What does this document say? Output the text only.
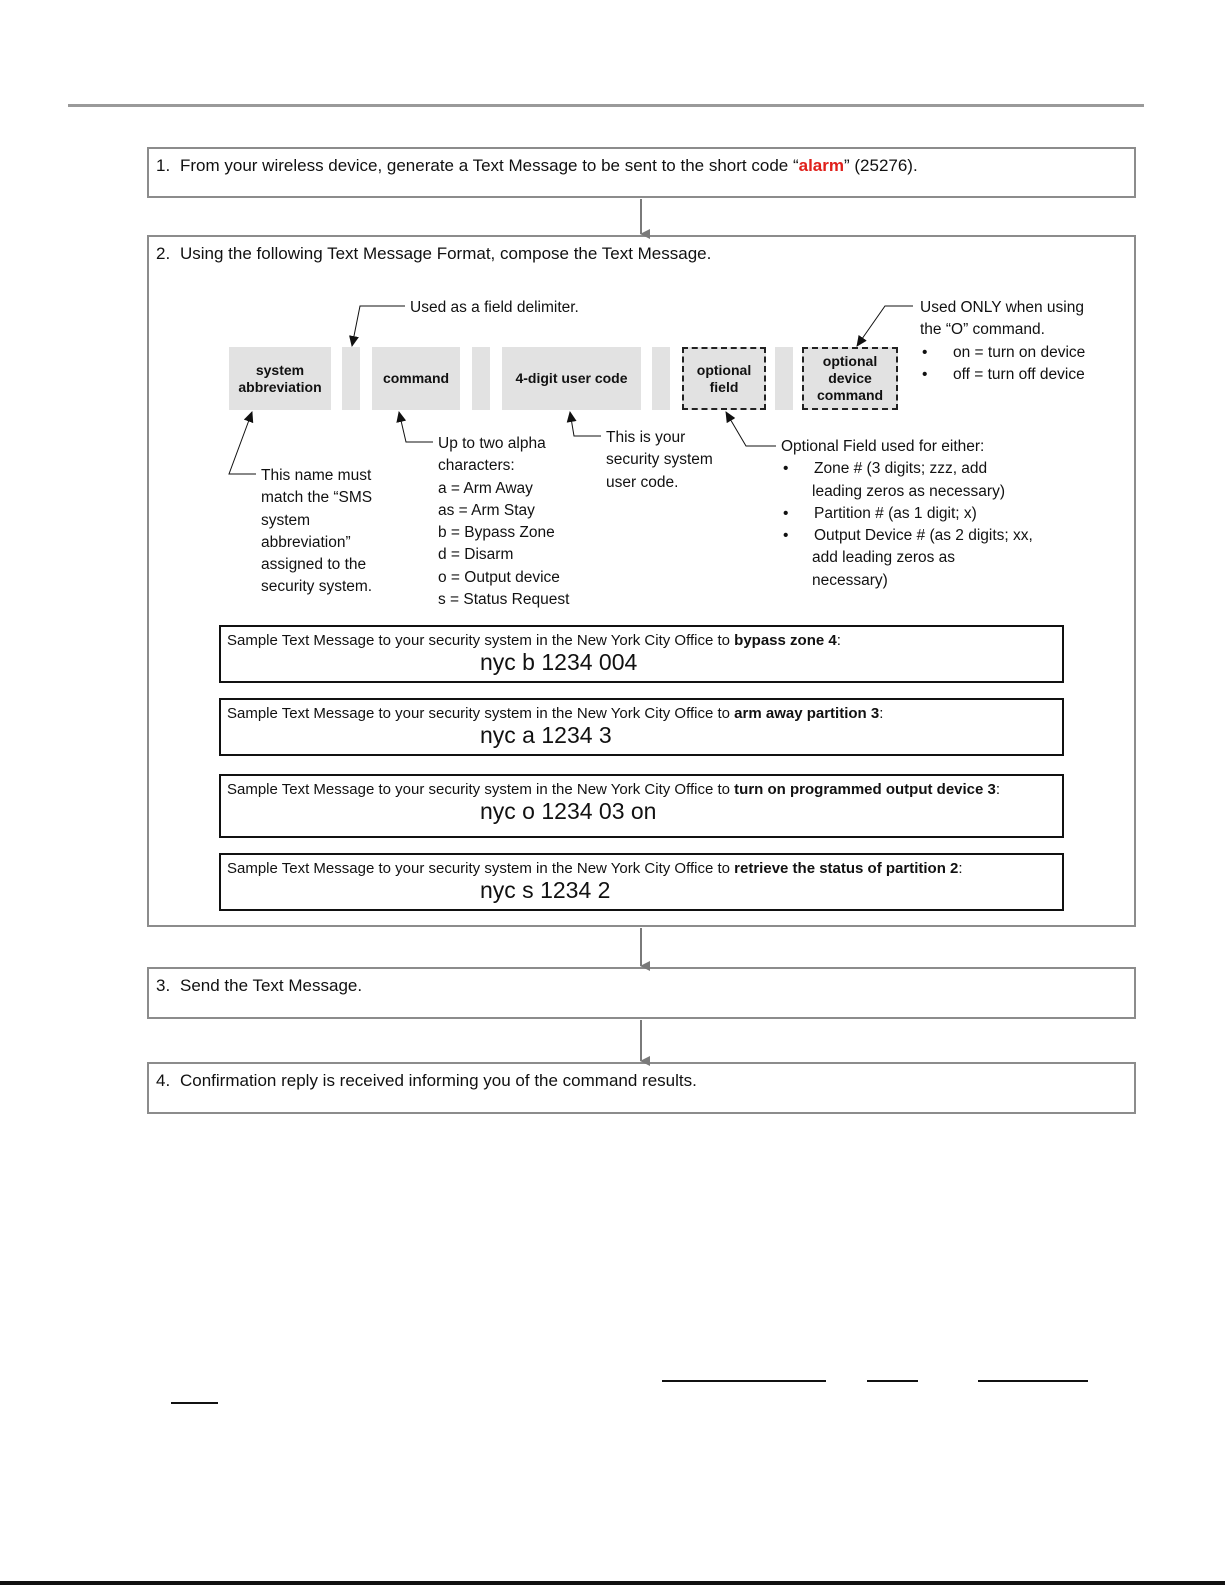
1. From your wireless device, generate a Text Message to be sent to the short code “alarm” (25276).
2. Using the following Text Message Format, compose the Text Message.
system
abbreviation
command	4-digit user code
optional
field
optional
device
command
Used as a field delimiter.	Used ONLY when using
the “O” command.
• on = turn on device
• off = turn off device
This name must
match the “SMS
system
abbreviation”
assigned to the
security system.
Up to two alpha
characters:
a = Arm Away
as = Arm Stay
b = Bypass Zone
d = Disarm
o = Output device
s = Status Request
This is your
security system
user code.
Optional Field used for either:
• Zone # (3 digits; zzz, add
leading zeros as necessary)
• Partition # (as 1 digit; x)
• Output Device # (as 2 digits; xx,
add leading zeros as
necessary)
Sample Text Message to your security system in the New York City Office to bypass zone 4:
nyc b 1234 004
Sample Text Message to your security system in the New York City Office to arm away partition 3:
nyc a 1234 3
Sample Text Message to your security system in the New York City Office to turn on programmed output device 3:
nyc o 1234 03 on
Sample Text Message to your security system in the New York City Office to retrieve the status of partition 2:
nyc s 1234 2
3. Send the Text Message.
4. Confirmation reply is received informing you of the command results.
